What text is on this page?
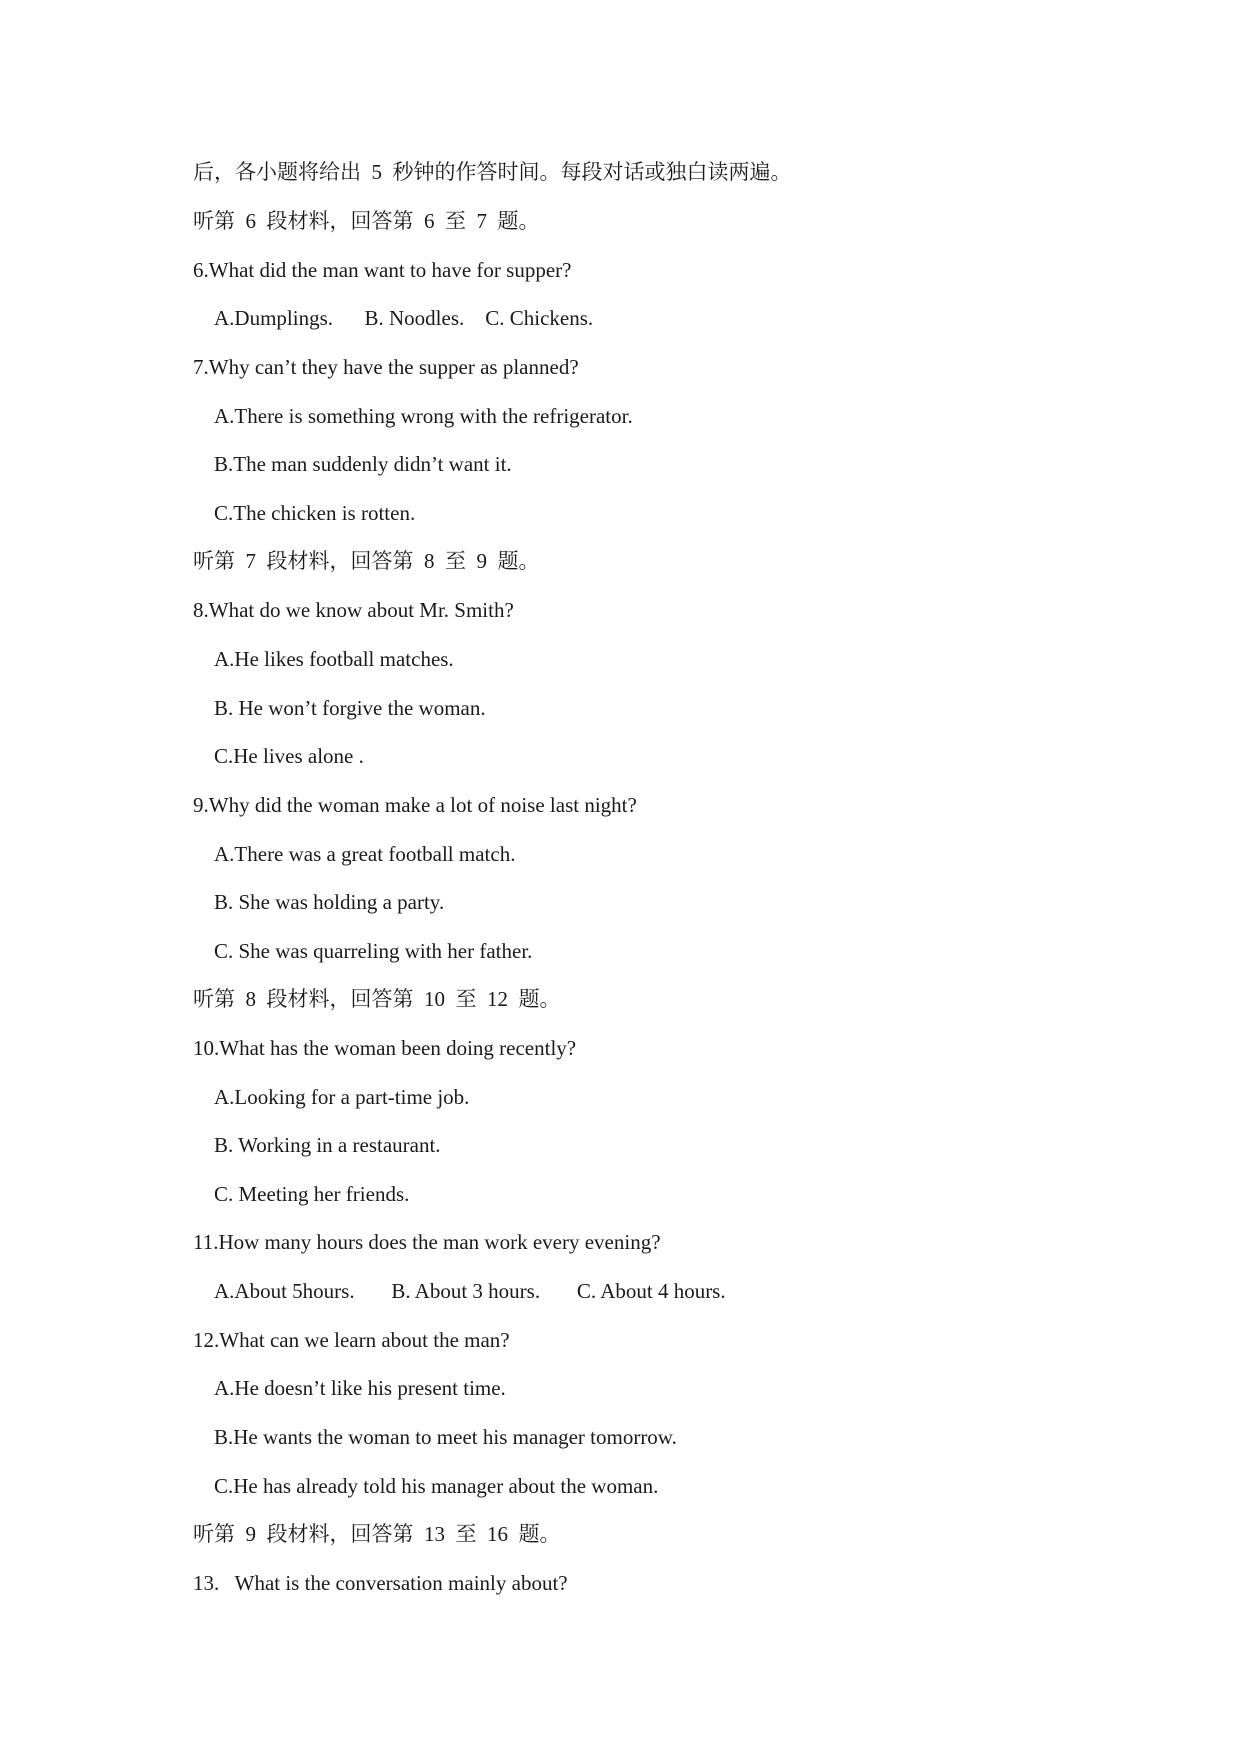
后，各小题将给出  5  秒钟的作答时间。每段对话或独白读两遍。
听第  6  段材料，回答第  6  至  7  题。
6.What did the man want to have for supper?
A.Dumplings.      B. Noodles.    C. Chickens.
7.Why can’t they have the supper as planned?
A.There is something wrong with the refrigerator.
B.The man suddenly didn’t want it.
C.The chicken is rotten.
听第  7  段材料，回答第  8  至  9  题。
8.What do we know about Mr. Smith?
A.He likes football matches.
B. He won’t forgive the woman.
C.He lives alone .
9.Why did the woman make a lot of noise last night?
A.There was a great football match.
B. She was holding a party.
C. She was quarreling with her father.
听第  8  段材料，回答第  10  至  12  题。
10.What has the woman been doing recently?
A.Looking for a part-time job.
B. Working in a restaurant.
C. Meeting her friends.
11.How many hours does the man work every evening?
A.About 5hours.       B. About 3 hours.       C. About 4 hours.
12.What can we learn about the man?
A.He doesn’t like his present time.
B.He wants the woman to meet his manager tomorrow.
C.He has already told his manager about the woman.
听第  9  段材料，回答第  13  至  16  题。
13.   What is the conversation mainly about?
